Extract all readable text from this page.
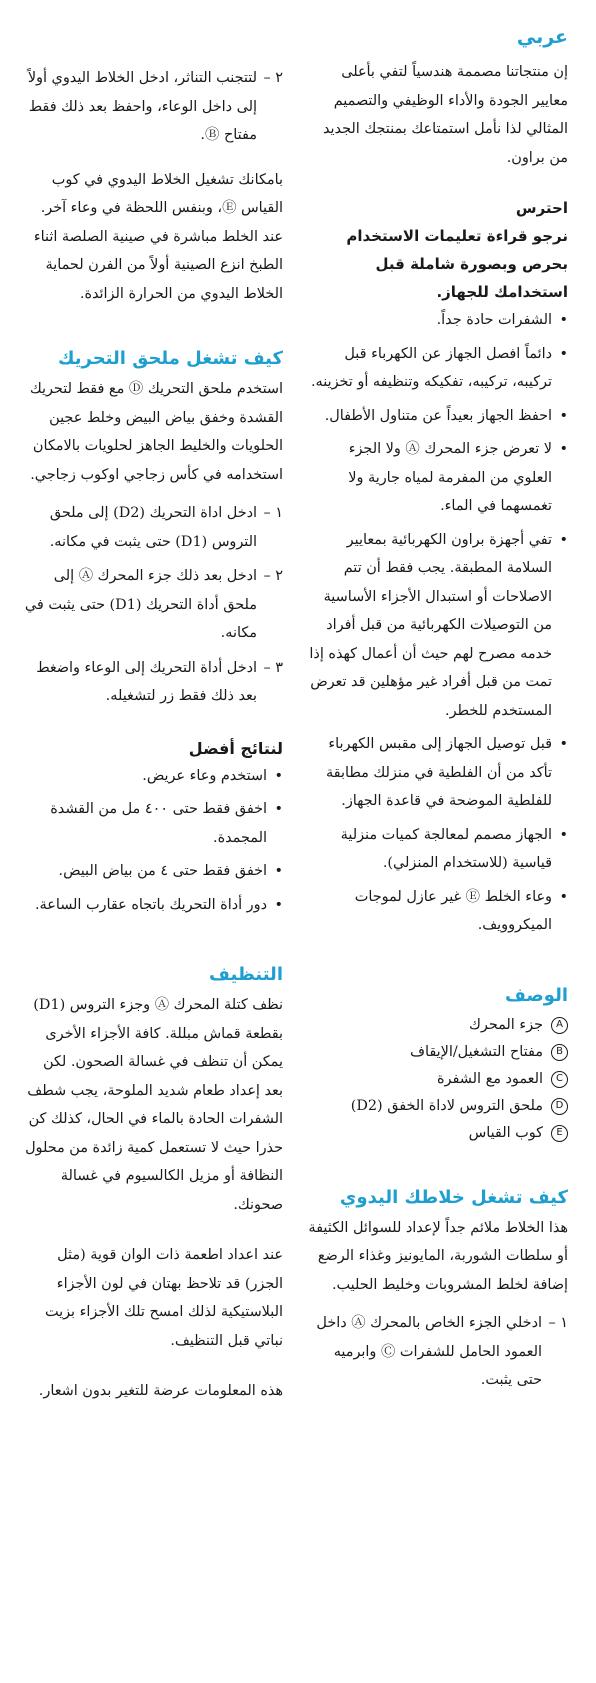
عربي

إن منتجاتنا مصممة هندسياً لتفي بأعلى معايير الجودة والأداء الوظيفي والتصميم المثالي لذا نأمل استمتاعك بمنتجك الجديد من براون.

احترس
نرجو قراءة تعليمات الاستخدام بحرص وبصورة شاملة قبل استخدامك للجهاز.
• الشفرات حادة جداً.
• دائماً افصل الجهاز عن الكهرباء قبل تركيبه، تركيبه، تفكيكه وتنظيفه أو تخزينه.
• احفظ الجهاز بعيداً عن متناول الأطفال.
• لا تعرض جزء المحرك Ⓐ ولا الجزء العلوي من المفرمة لمياه جارية ولا تغمسهما في الماء.
• تفي أجهزة براون الكهربائية بمعايير السلامة المطبقة. يجب فقط أن تتم الاصلاحات أو استبدال الأجزاء الأساسية من التوصيلات الكهربائية من قبل أفراد خدمه مصرح لهم حيث أن أعمال كهذه إذا تمت من قبل أفراد غير مؤهلين قد تعرض المستخدم للخطر.
• قبل توصيل الجهاز إلى مقبس الكهرباء تأكد من أن الفلطية في منزلك مطابقة للفلطية الموضحة في قاعدة الجهاز.
• الجهاز مصمم لمعالجة كميات منزلية قياسية (للاستخدام المنزلي).
• وعاء الخلط Ⓔ غير عازل لموجات الميكروويف.
الوصف
A
جزء المحرك
B
مفتاح التشغيل/الإيقاف
C
العمود مع الشفرة
D
ملحق التروس لاداة الخفق (D2)
E
كوب القياس
كيف تشغل خلاطك اليدوي

هذا الخلاط ملائم جداً لإعداد للسوائل الكثيفة أو سلطات الشوربة، المايونيز وغذاء الرضع إضافة لخلط المشروبات وخليط الحليب.

١ –
ادخلي الجزء الخاص بالمحرك Ⓐ داخل العمود الحامل للشفرات Ⓒ وابرميه حتى يثبت.
٢ –
لتتجنب التناثر، ادخل الخلاط اليدوي أولاً إلى داخل الوعاء، واحفظ بعد ذلك فقط مفتاح Ⓑ.

بامكانك تشغيل الخلاط اليدوي في كوب القياس Ⓔ، وبنفس اللحظة في وعاء آخر. عند الخلط مباشرة في صينية الصلصة اثناء الطبخ انزع الصينية أولاً من الفرن لحماية الخلاط اليدوي من الحرارة الزائدة.

كيف تشغل ملحق التحريك

استخدم ملحق التحريك Ⓓ مع فقط لتحريك القشدة وخفق بياض البيض وخلط عجين الحلويات والخليط الجاهز لحلويات بالامكان استخدامه في كأس زجاجي اوكوب زجاجي.

١ –
ادخل اداة التحريك (D2) إلى ملحق التروس (D1) حتى يثبت في مكانه.
٢ –
ادخل بعد ذلك جزء المحرك Ⓐ إلى ملحق أداة التحريك (D1) حتى يثبت في مكانه.
٣ –
ادخل أداة التحريك إلى الوعاء واضغط بعد ذلك فقط زر لتشغيله.
لنتائج أفضل
• استخدم وعاء عريض.
• اخفق فقط حتى ٤٠٠ مل من القشدة المجمدة.
• اخفق فقط حتى ٤ من بياض البيض.
• دور أداة التحريك باتجاه عقارب الساعة.
التنظيف

نظف كتلة المحرك Ⓐ وجزء التروس (D1) بقطعة قماش مبللة. كافة الأجزاء الأخرى يمكن أن تنظف في غسالة الصحون. لكن بعد إعداد طعام شديد الملوحة، يجب شطف الشفرات الحادة بالماء في الحال، كذلك كن حذرا حيث لا تستعمل كمية زائدة من محلول النظافة أو مزيل الكالسيوم في غسالة صحونك.

عند اعداد اطعمة ذات الوان قوية (مثل الجزر) قد تلاحظ بهتان في لون الأجزاء البلاستيكية لذلك امسح تلك الأجزاء بزيت نباتي قبل التنظيف.

هذه المعلومات عرضة للتغير بدون اشعار.
